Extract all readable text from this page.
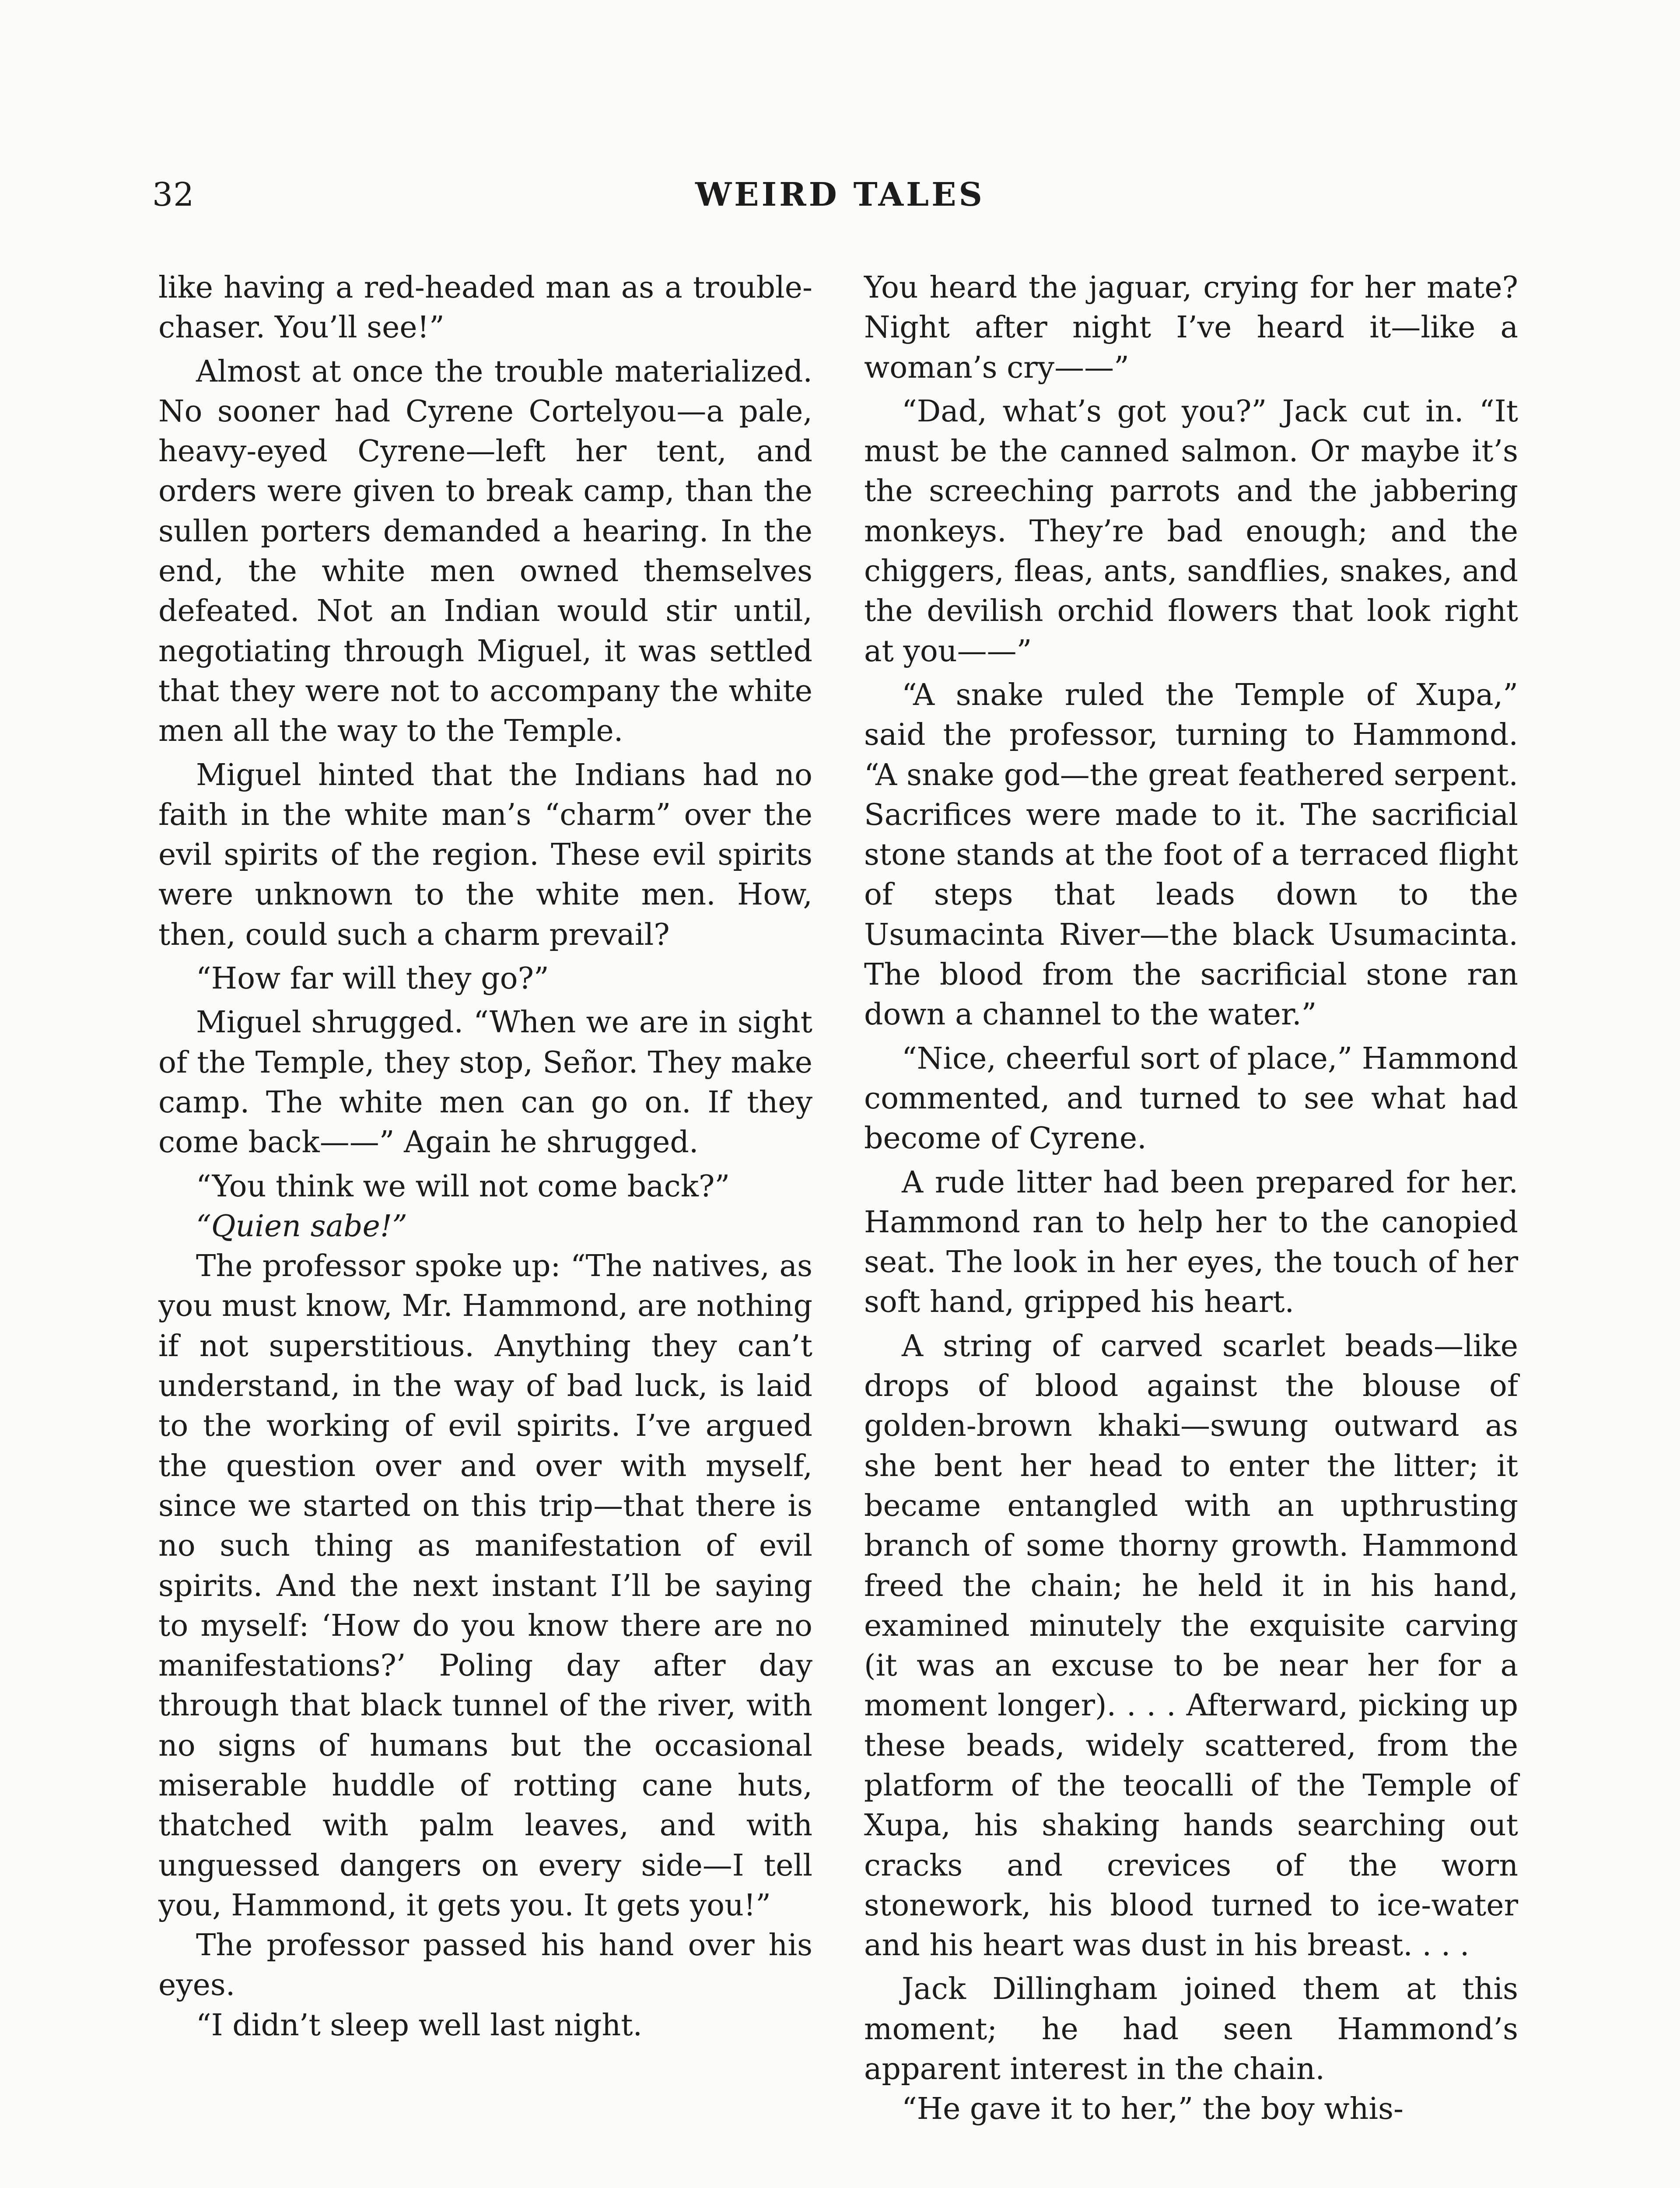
32	WEIRD TALES

like having a red-headed man as a trouble-chaser. You’ll see!”

Almost at once the trouble materialized. No sooner had Cyrene Cortelyou—a pale, heavy-eyed Cyrene—left her tent, and orders were given to break camp, than the sullen porters demanded a hearing. In the end, the white men owned themselves defeated. Not an Indian would stir until, negotiating through Miguel, it was settled that they were not to accompany the white men all the way to the Temple.

Miguel hinted that the Indians had no faith in the white man’s “charm” over the evil spirits of the region. These evil spirits were unknown to the white men. How, then, could such a charm prevail?

“How far will they go?”

Miguel shrugged. “When we are in sight of the Temple, they stop, Señor. They make camp. The white men can go on. If they come back——” Again he shrugged.

“You think we will not come back?”

“Quien sabe!”

The professor spoke up: “The natives, as you must know, Mr. Hammond, are nothing if not superstitious. Anything they can’t understand, in the way of bad luck, is laid to the working of evil spirits. I’ve argued the question over and over with myself, since we started on this trip—that there is no such thing as manifestation of evil spirits. And the next instant I’ll be saying to myself: ‘How do you know there are no manifestations?’ Poling day after day through that black tunnel of the river, with no signs of humans but the occasional miserable huddle of rotting cane huts, thatched with palm leaves, and with unguessed dangers on every side—I tell you, Hammond, it gets you. It gets you!”

The professor passed his hand over his eyes.

“I didn’t sleep well last night.

You heard the jaguar, crying for her mate? Night after night I’ve heard it—like a woman’s cry——”

“Dad, what’s got you?” Jack cut in. “It must be the canned salmon. Or maybe it’s the screeching parrots and the jabbering monkeys. They’re bad enough; and the chiggers, fleas, ants, sandflies, snakes, and the devilish orchid flowers that look right at you——”

“A snake ruled the Temple of Xupa,” said the professor, turning to Hammond. “A snake god—the great feathered serpent. Sacrifices were made to it. The sacrificial stone stands at the foot of a terraced flight of steps that leads down to the Usumacinta River—the black Usumacinta. The blood from the sacrificial stone ran down a channel to the water.”

“Nice, cheerful sort of place,” Hammond commented, and turned to see what had become of Cyrene.

A rude litter had been prepared for her. Hammond ran to help her to the canopied seat. The look in her eyes, the touch of her soft hand, gripped his heart.

A string of carved scarlet beads—like drops of blood against the blouse of golden-brown khaki—swung outward as she bent her head to enter the litter; it became entangled with an upthrusting branch of some thorny growth. Hammond freed the chain; he held it in his hand, examined minutely the exquisite carving (it was an excuse to be near her for a moment longer). . . . Afterward, picking up these beads, widely scattered, from the platform of the teocalli of the Temple of Xupa, his shaking hands searching out cracks and crevices of the worn stonework, his blood turned to ice-water and his heart was dust in his breast. . . .

Jack Dillingham joined them at this moment; he had seen Hammond’s apparent interest in the chain.

“He gave it to her,” the boy whis-
